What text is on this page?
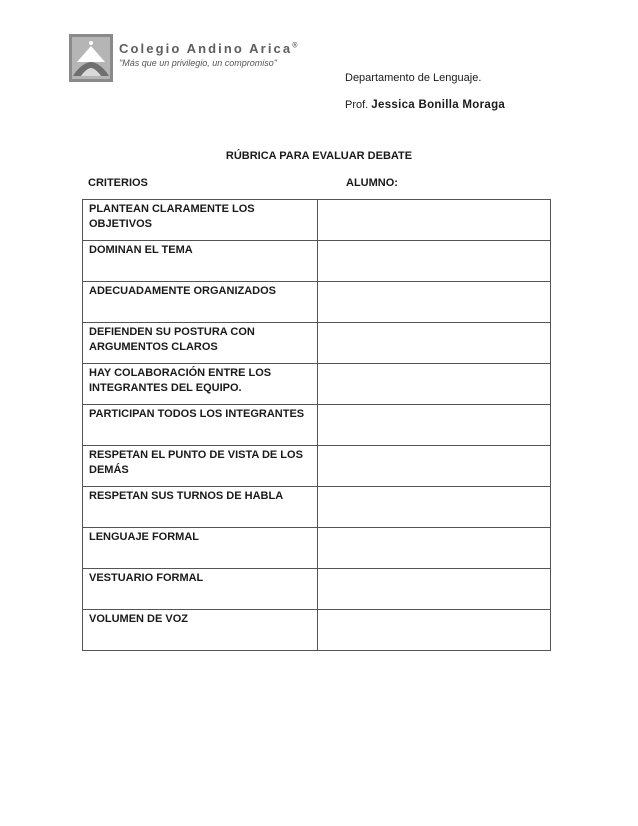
Colegio Andino Arica®
"Más que un privilegio, un compromiso"
Departamento de Lenguaje.
Prof. Jessica Bonilla Moraga
RÚBRICA PARA EVALUAR DEBATE
CRITERIOS	ALUMNO:
PLANTEAN CLARAMENTE LOS OBJETIVOS	
DOMINAN EL TEMA	
ADECUADAMENTE ORGANIZADOS	
DEFIENDEN SU POSTURA CON ARGUMENTOS CLAROS	
HAY COLABORACIÓN ENTRE LOS INTEGRANTES DEL EQUIPO.	
PARTICIPAN TODOS LOS INTEGRANTES	
RESPETAN EL PUNTO DE VISTA DE LOS DEMÁS	
RESPETAN SUS TURNOS DE HABLA	
LENGUAJE FORMAL	
VESTUARIO FORMAL	
VOLUMEN DE VOZ	
